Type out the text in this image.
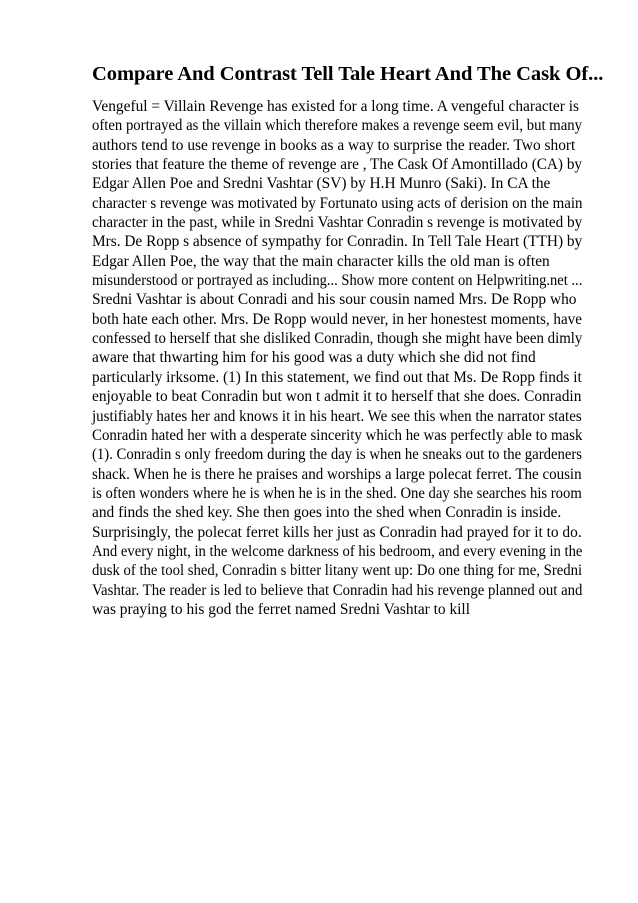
Compare And Contrast Tell Tale Heart And The Cask Of...
Vengeful = Villain Revenge has existed for a long time. A vengeful character is
often portrayed as the villain which therefore makes a revenge seem evil, but many
authors tend to use revenge in books as a way to surprise the reader. Two short
stories that feature the theme of revenge are , The Cask Of Amontillado (CA) by
Edgar Allen Poe and Sredni Vashtar (SV) by H.H Munro (Saki). In CA the
character s revenge was motivated by Fortunato using acts of derision on the main
character in the past, while in Sredni Vashtar Conradin s revenge is motivated by
Mrs. De Ropp s absence of sympathy for Conradin. In Tell Tale Heart (TTH) by
Edgar Allen Poe, the way that the main character kills the old man is often
misunderstood or portrayed as including... Show more content on Helpwriting.net ...
Sredni Vashtar is about Conradi and his sour cousin named Mrs. De Ropp who
both hate each other. Mrs. De Ropp would never, in her honestest moments, have
confessed to herself that she disliked Conradin, though she might have been dimly
aware that thwarting him for his good was a duty which she did not find
particularly irksome. (1) In this statement, we find out that Ms. De Ropp finds it
enjoyable to beat Conradin but won t admit it to herself that she does. Conradin
justifiably hates her and knows it in his heart. We see this when the narrator states
Conradin hated her with a desperate sincerity which he was perfectly able to mask
(1). Conradin s only freedom during the day is when he sneaks out to the gardeners
shack. When he is there he praises and worships a large polecat ferret. The cousin
is often wonders where he is when he is in the shed. One day she searches his room
and finds the shed key. She then goes into the shed when Conradin is inside.
Surprisingly, the polecat ferret kills her just as Conradin had prayed for it to do.
And every night, in the welcome darkness of his bedroom, and every evening in the
dusk of the tool shed, Conradin s bitter litany went up: Do one thing for me, Sredni
Vashtar. The reader is led to believe that Conradin had his revenge planned out and
was praying to his god the ferret named Sredni Vashtar to kill
